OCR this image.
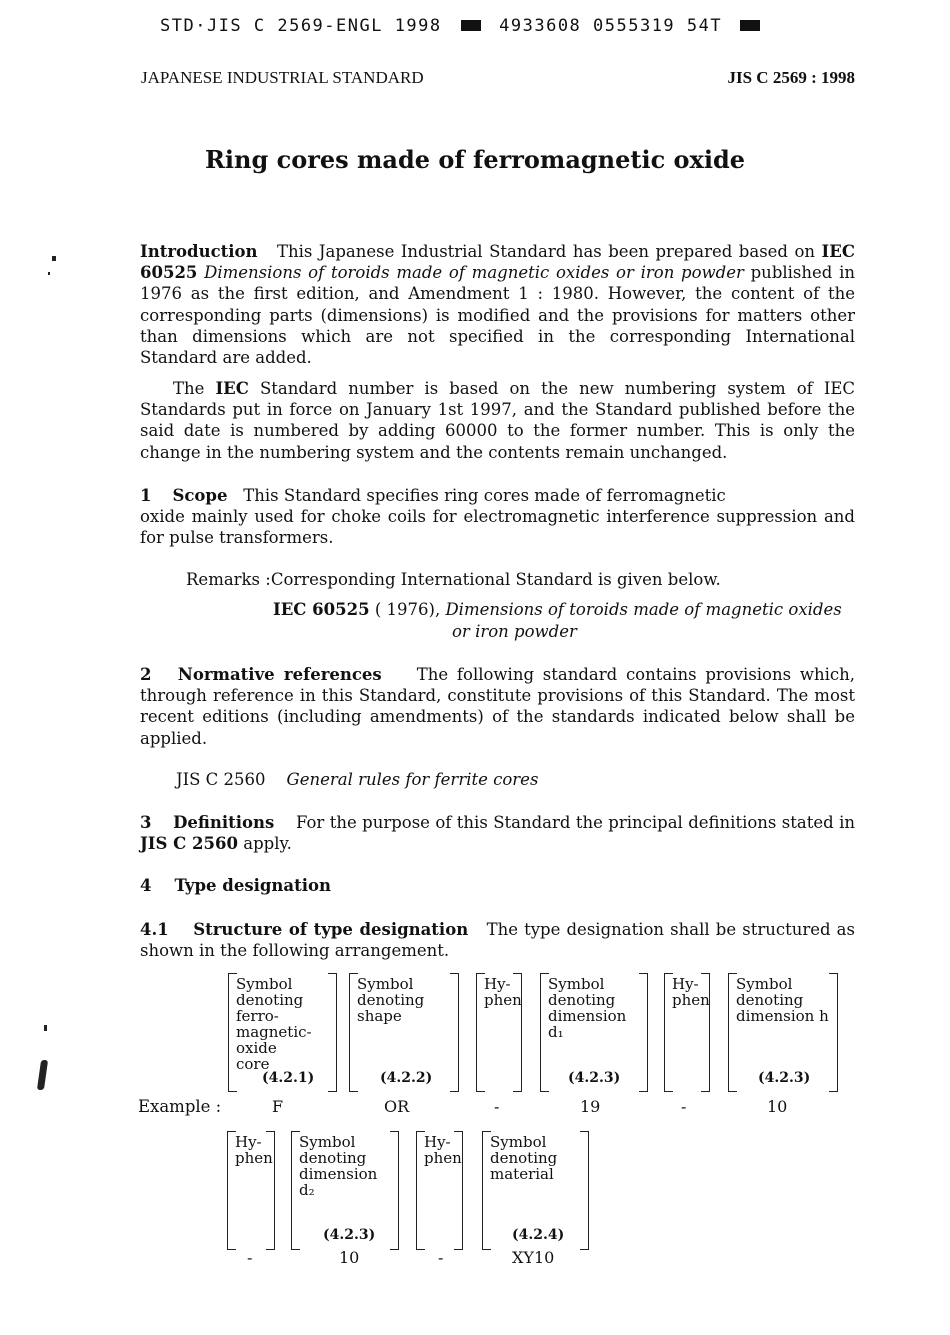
STD·JIS C 2569-ENGL 1998	4933608 0555319 54T
JAPANESE INDUSTRIAL STANDARD	JIS C 2569 : 1998
Ring cores made of ferromagnetic oxide
Introduction This Japanese Industrial Standard has been prepared based on IEC 60525 Dimensions of toroids made of magnetic oxides or iron powder published in 1976 as the first edition, and Amendment 1 : 1980. However, the content of the corresponding parts (dimensions) is modified and the provisions for matters other than dimensions which are not specified in the corresponding International Standard are added.
The IEC Standard number is based on the new numbering system of IEC Standards put in force on January 1st 1997, and the Standard published before the said date is numbered by adding 60000 to the former number. This is only the change in the numbering system and the contents remain unchanged.
1 Scope This Standard specifies ring cores made of ferromagnetic
oxide mainly used for choke coils for electromagnetic interference suppression and for pulse transformers.
Remarks :Corresponding International Standard is given below.
IEC 60525 ( 1976), Dimensions of toroids made of magnetic oxides
or iron powder
2 Normative references The following standard contains provisions which, through reference in this Standard, constitute provisions of this Standard. The most recent editions (including amendments) of the standards indicated below shall be applied.
JIS C 2560 General rules for ferrite cores
3 Definitions For the purpose of this Standard the principal definitions stated in JIS C 2560 apply.
4 Type designation
4.1 Structure of type designation The type designation shall be structured as shown in the following arrangement.
Example :
Symbol
denoting
ferro-
magnetic-
oxide
core
(4.2.1)
F
Symbol
denoting
shape
(4.2.2)
OR
Hy-
phen
-
Symbol
denoting
dimension d₁
(4.2.3)
19
Hy-
phen
-
Symbol
denoting
dimension h
(4.2.3)
10
Hy-
phen
-
Symbol
denoting
dimension
d₂
(4.2.3)
10
Hy-
phen
-
Symbol
denoting
material
(4.2.4)
XY10
